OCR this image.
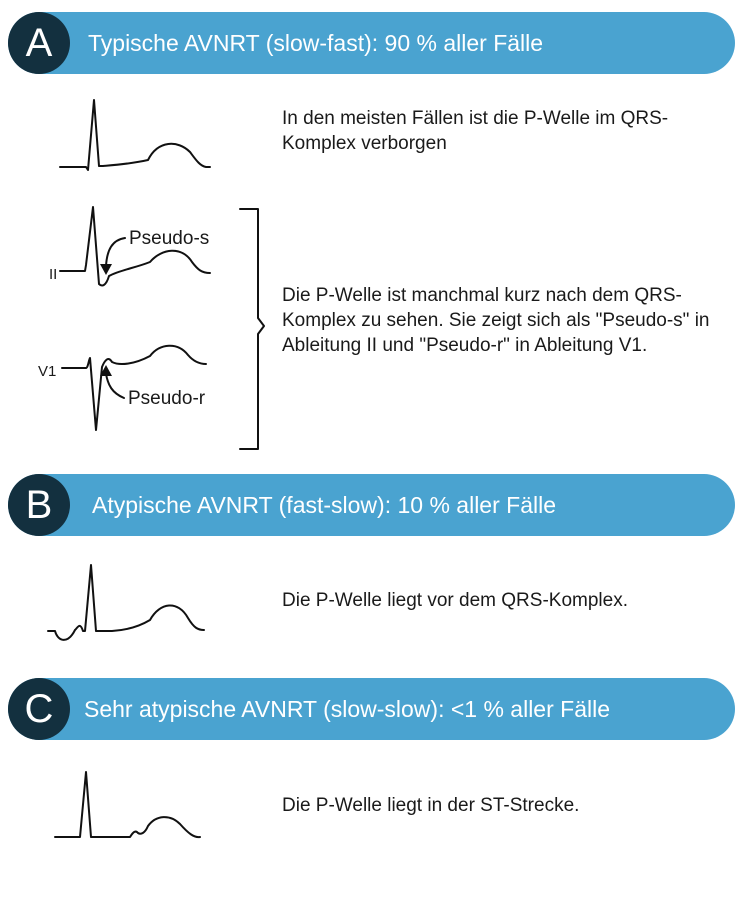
A	Typische AVNRT (slow-fast): 90 % aller Fälle
B	Atypische AVNRT (fast-slow): 10 % aller Fälle
C	Sehr atypische AVNRT (slow-slow): <1 % aller Fälle
In den meisten Fällen ist die P-Welle im QRS-Komplex verborgen
Die P-Welle ist manchmal kurz nach dem QRS-Komplex zu sehen. Sie zeigt sich als "Pseudo-s" in Ableitung II und "Pseudo-r" in Ableitung V1.
Die P-Welle liegt vor dem QRS-Komplex.
Die P-Welle liegt in der ST-Strecke.
II
Pseudo-s
V1
Pseudo-r
